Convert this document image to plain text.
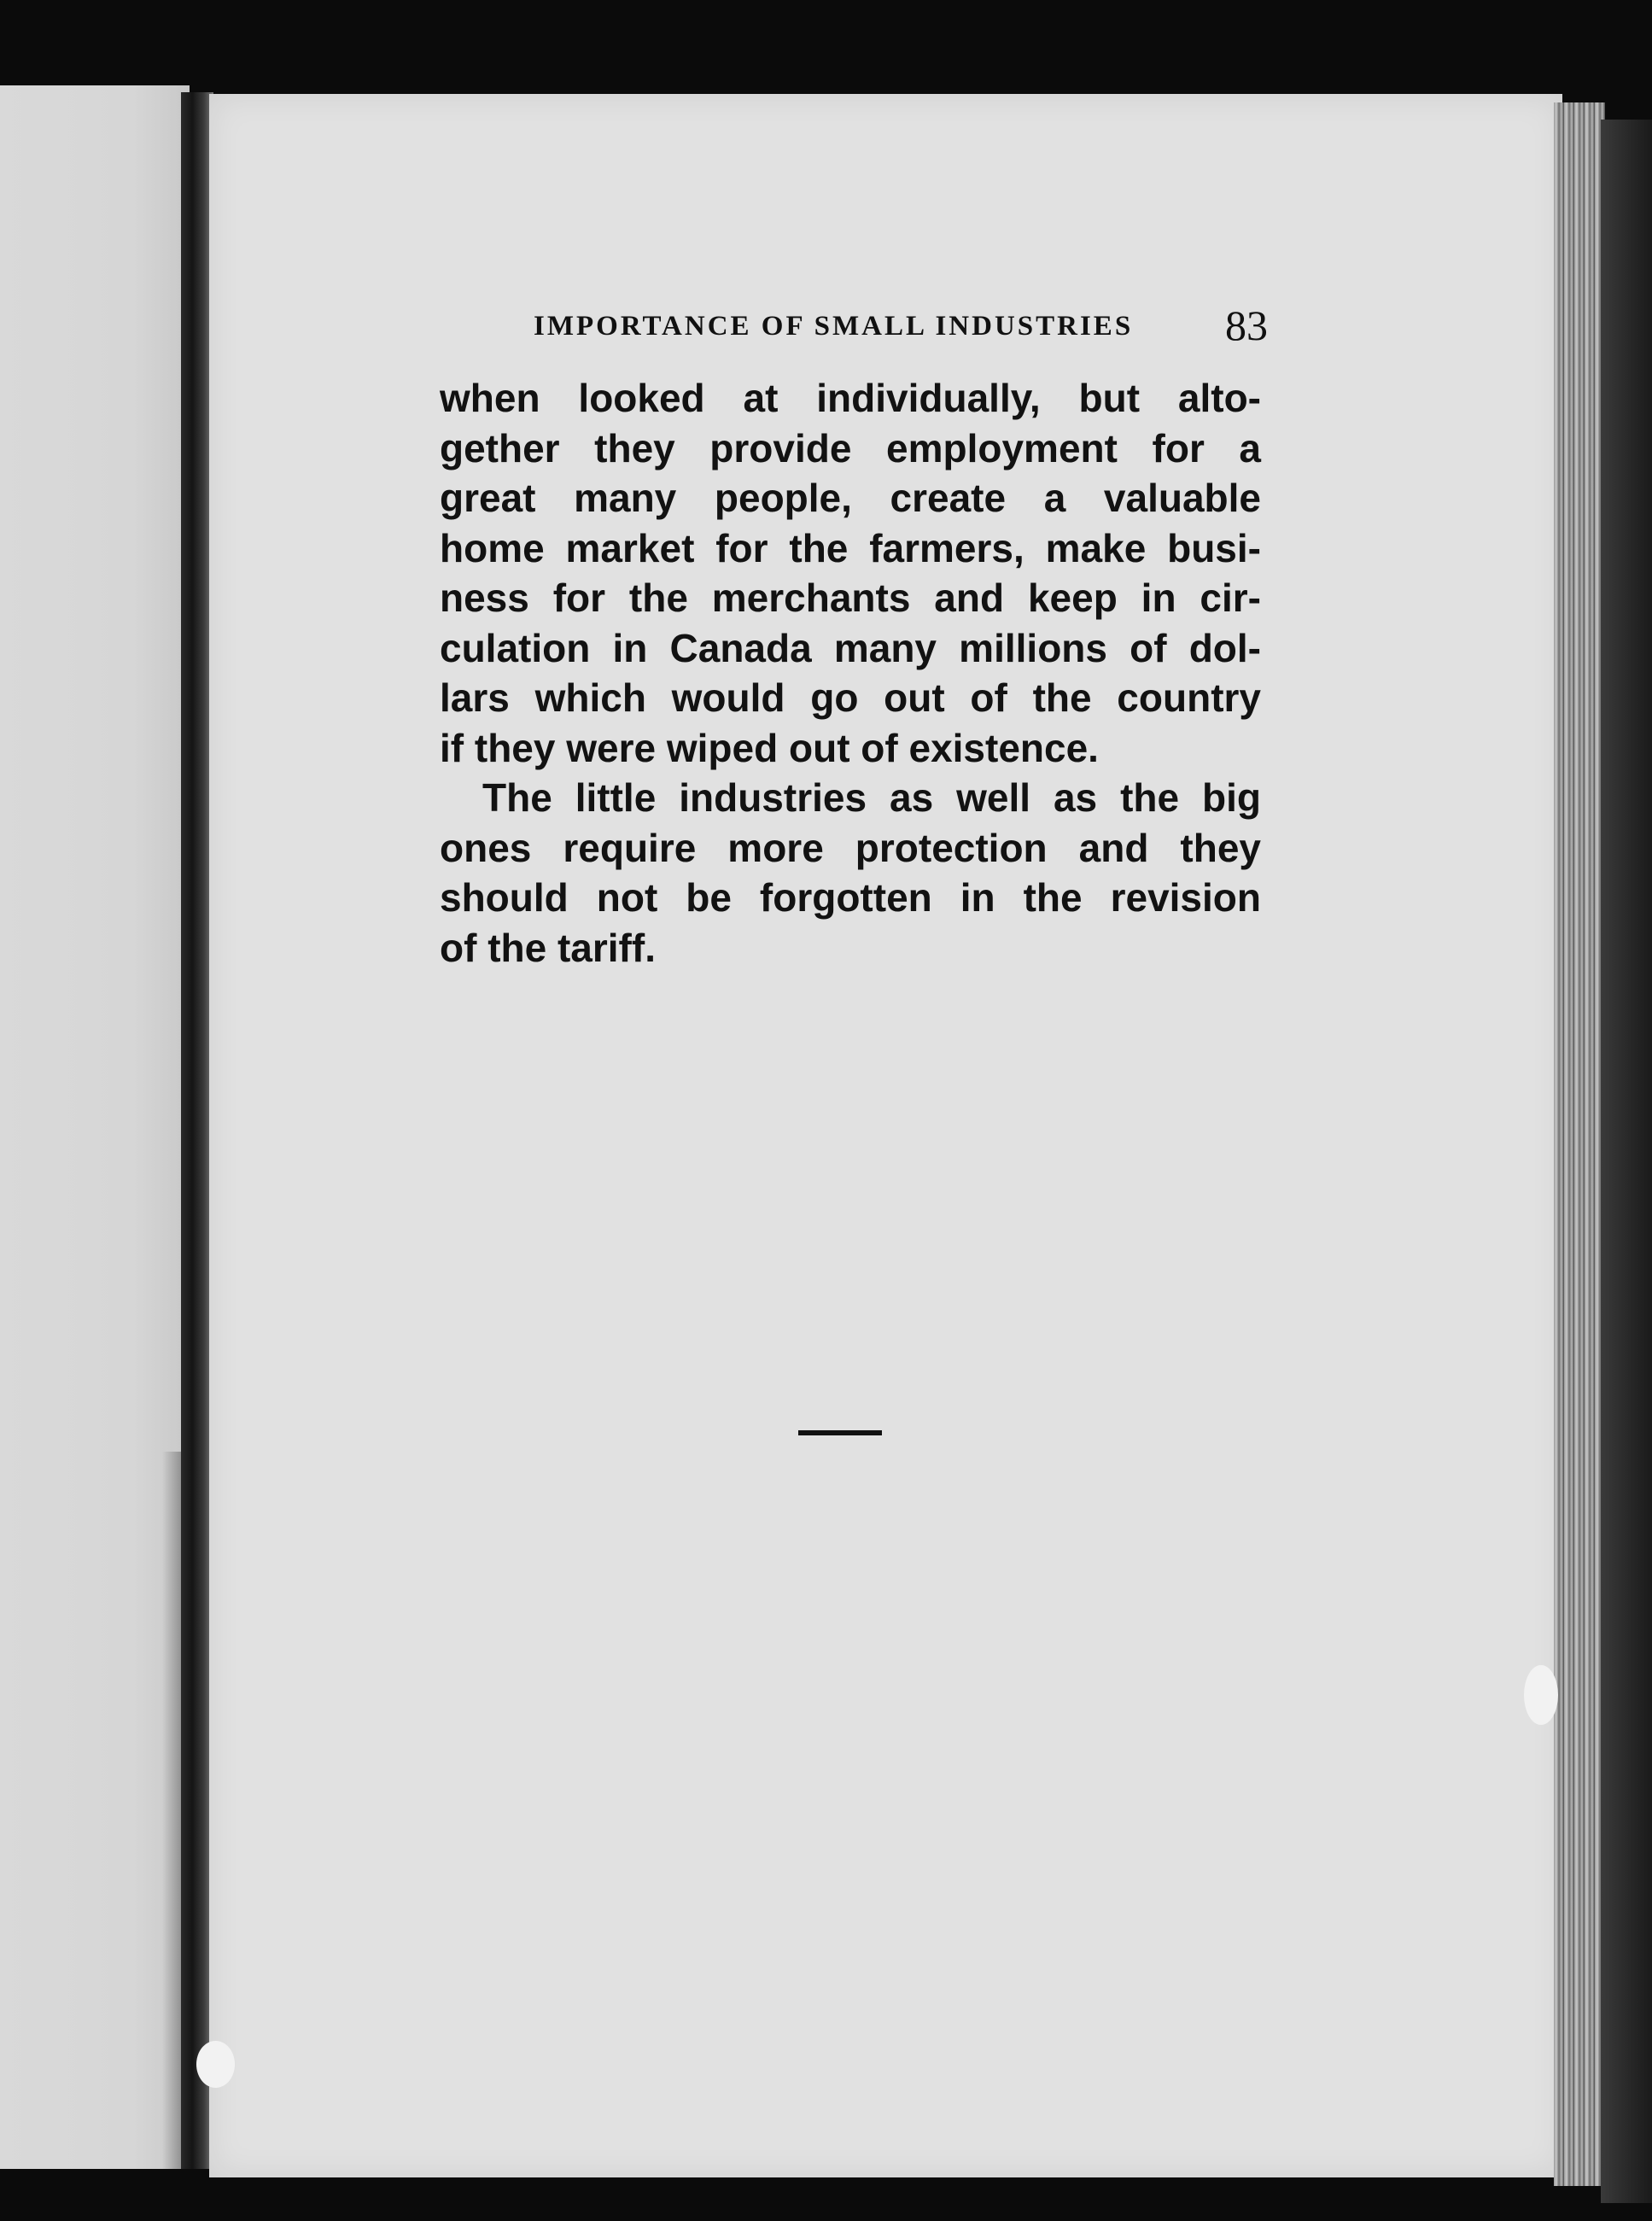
IMPORTANCE OF SMALL INDUSTRIES 83
when looked at individually, but alto-
gether they provide employment for a
great many people, create a valuable
home market for the farmers, make busi-
ness for the merchants and keep in cir-
culation in Canada many millions of dol-
lars which would go out of the country
if they were wiped out of existence.
The little industries as well as the big
ones require more protection and they
should not be forgotten in the revision
of the tariff.
